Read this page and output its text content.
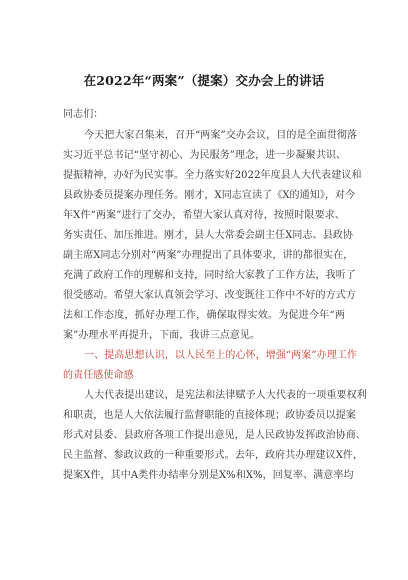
在2022年“两案”（提案）交办会上的讲话
同志们：
今天把大家召集来，召开“两案”交办会议，目的是全面贯彻落
实习近平总书记“坚守初心、为民服务”理念，进一步凝聚共识、
提振精神，办好为民实事。全力落实好2022年度县人大代表建议和
县政协委员提案办理任务。刚才，X同志宣读了《X的通知》，对今
年X件“两案”进行了交办，希望大家认真对待，按照时限要求、
务实责任、加压推进。刚才，县人大常委会副主任X同志、县政协
副主席X同志分别对“两案”办理提出了具体要求，讲的都很实在，
充满了政府工作的理解和支持，同时给大家教了工作方法，我听了
很受感动。希望大家认真领会学习、改变既往工作中不好的方式方
法和工作态度，抓好办理工作，确保取得实效。为促进今年“两
案”办理水平再提升，下面，我讲三点意见。
一、提高思想认识，以人民至上的心怀，增强“两案”办理工作
的责任感使命感
人大代表提出建议，是宪法和法律赋予人大代表的一项重要权利
和职责，也是人大依法履行监督职能的直接体现；政协委员以提案
形式对县委、县政府各项工作提出意见，是人民政协发挥政治协商、
民主监督、参政议政的一种重要形式。去年，政府共办理建议X件，
提案X件，其中A类件办结率分别是X%和X%，回复率、满意率均
